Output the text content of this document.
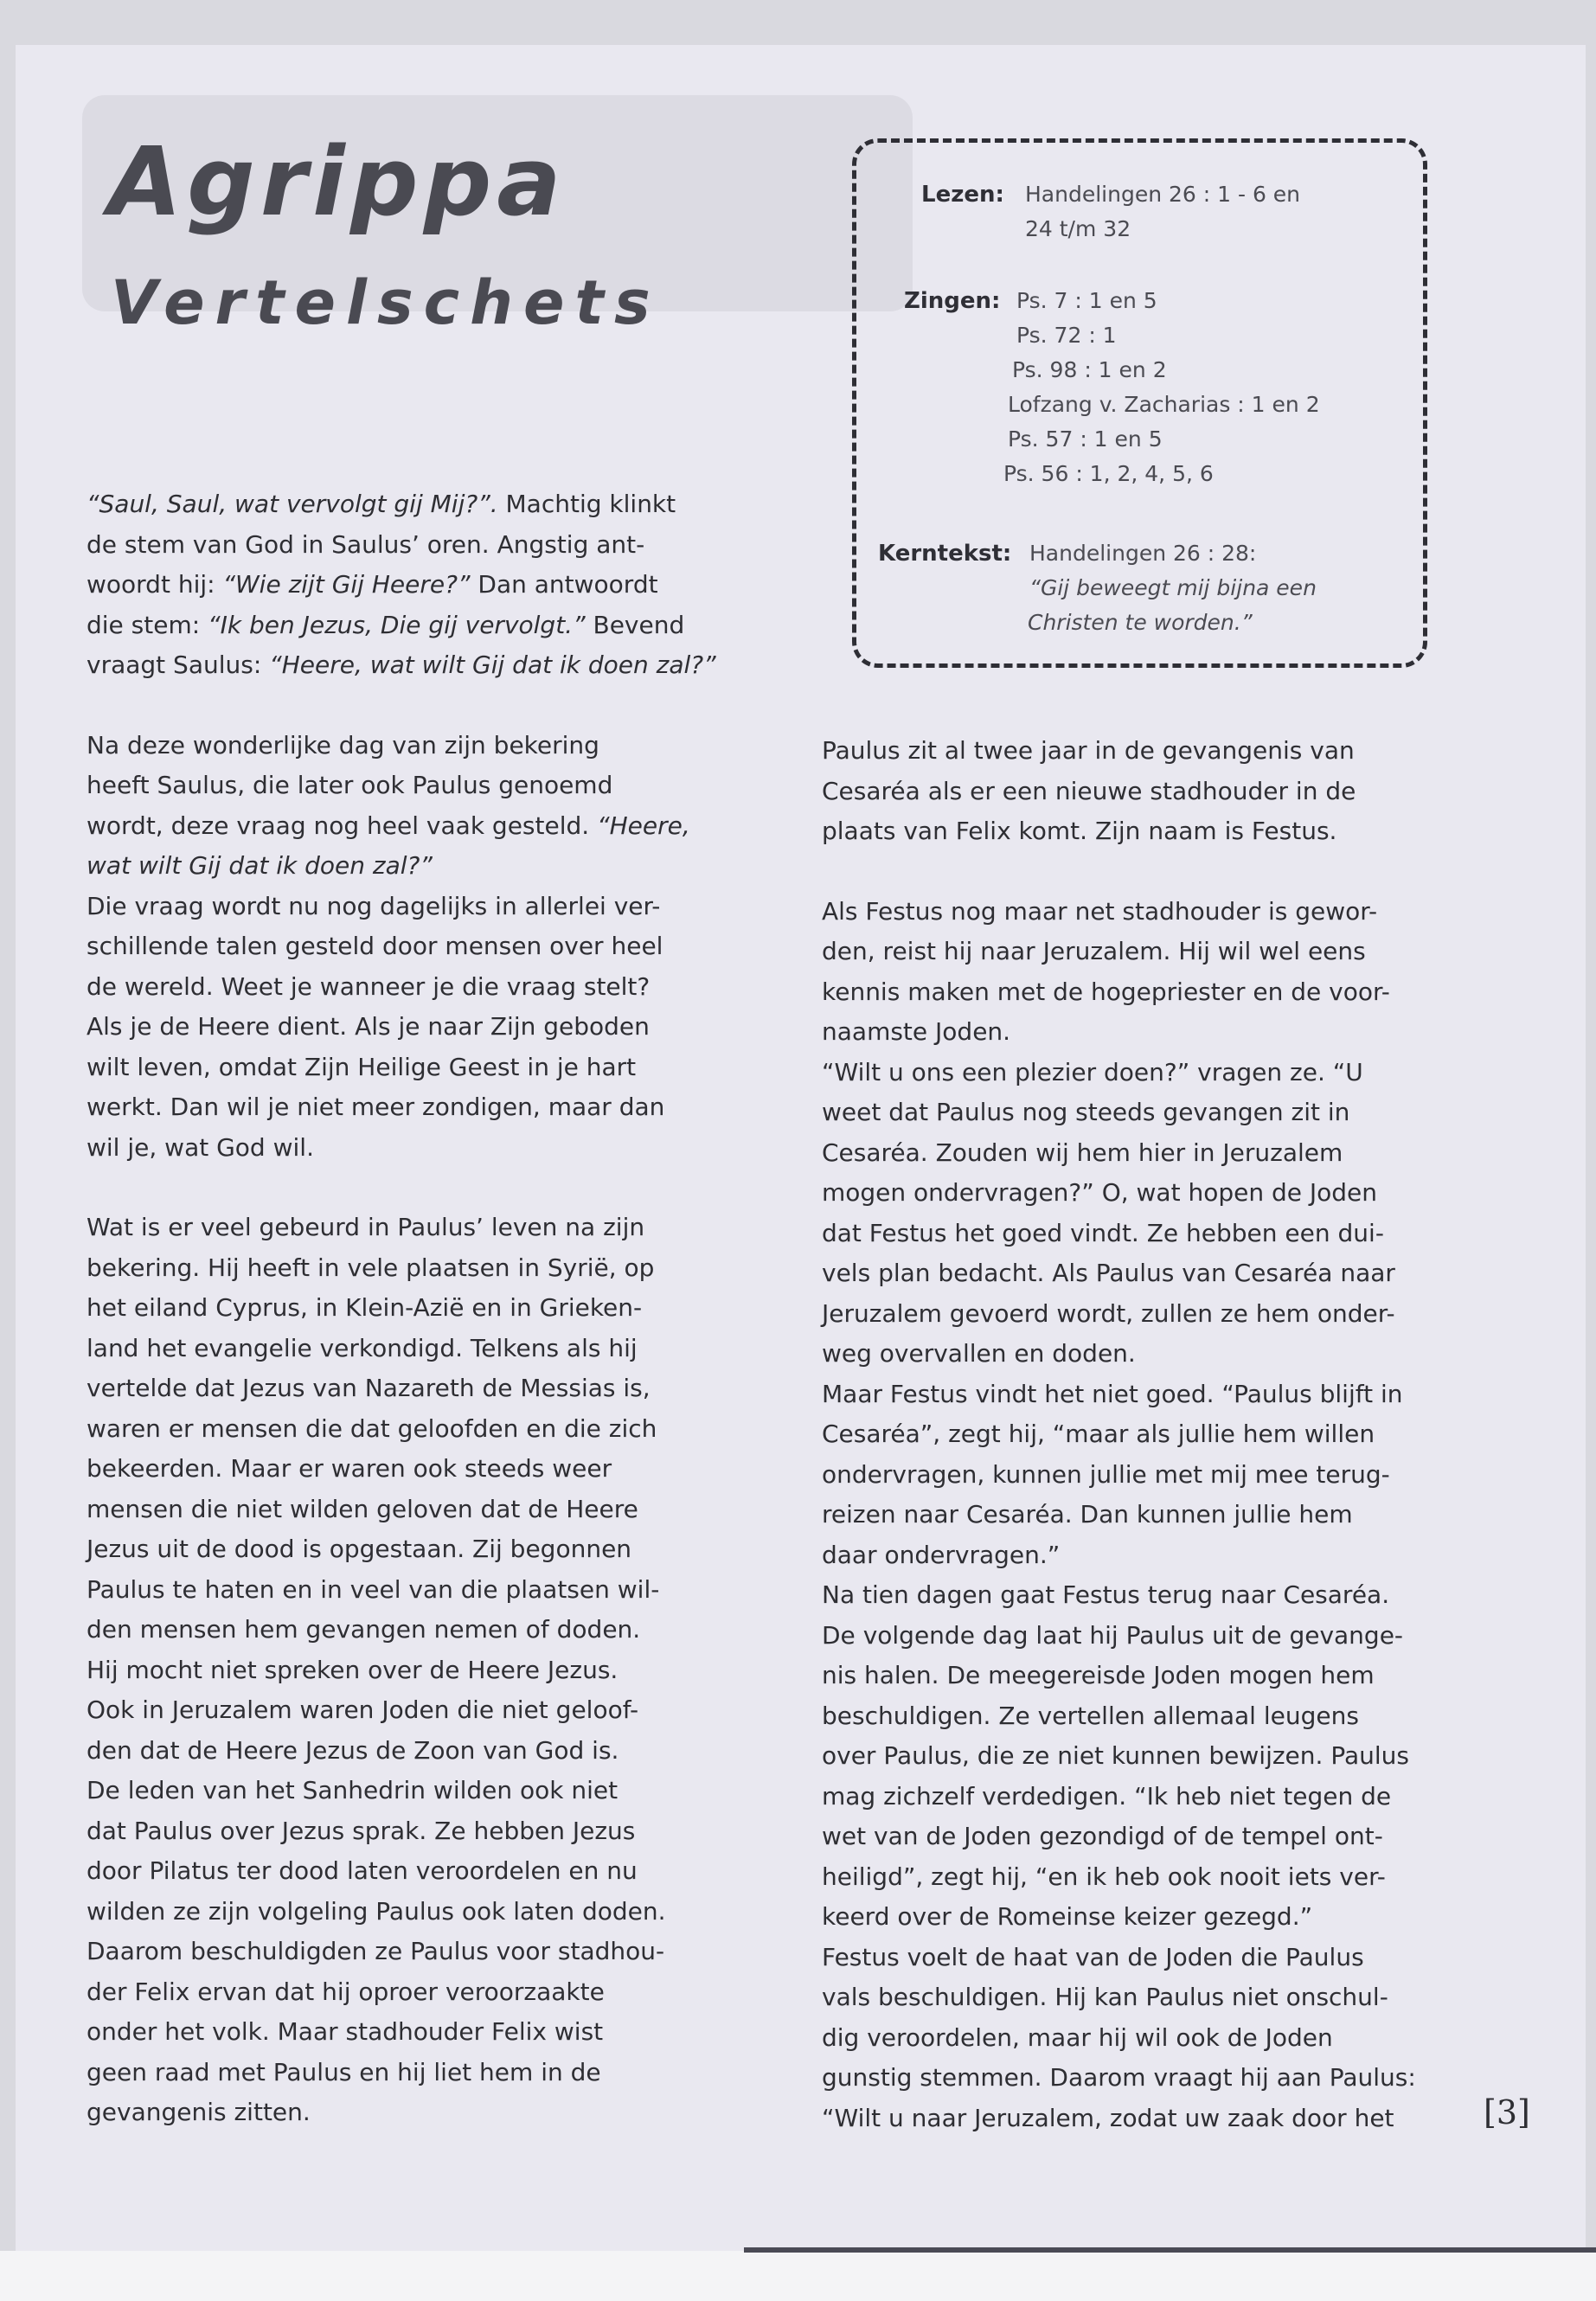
Agrippa
Vertelschets
Lezen: Handelingen 26 : 1 - 6 en
24 t/m 32
Zingen: Ps. 7 : 1 en 5
Ps. 72 : 1
Ps. 98 : 1 en 2
Lofzang v. Zacharias : 1 en 2
Ps. 57 : 1 en 5
Ps. 56 : 1, 2, 4, 5, 6
Kerntekst: Handelingen 26 : 28:
“Gij beweegt mij bijna een
Christen te worden.”

“Saul, Saul, wat vervolgt gij Mij?”. Machtig klinkt
de stem van God in Saulus’ oren. Angstig ant-
woordt hij: “Wie zijt Gij Heere?” Dan antwoordt
die stem: “Ik ben Jezus, Die gij vervolgt.” Bevend
vraagt Saulus: “Heere, wat wilt Gij dat ik doen zal?”

Na deze wonderlijke dag van zijn bekering
heeft Saulus, die later ook Paulus genoemd
wordt, deze vraag nog heel vaak gesteld. “Heere,
wat wilt Gij dat ik doen zal?”
Die vraag wordt nu nog dagelijks in allerlei ver-
schillende talen gesteld door mensen over heel
de wereld. Weet je wanneer je die vraag stelt?
Als je de Heere dient. Als je naar Zijn geboden
wilt leven, omdat Zijn Heilige Geest in je hart
werkt. Dan wil je niet meer zondigen, maar dan
wil je, wat God wil.

Wat is er veel gebeurd in Paulus’ leven na zijn
bekering. Hij heeft in vele plaatsen in Syrië, op
het eiland Cyprus, in Klein-Azië en in Grieken-
land het evangelie verkondigd. Telkens als hij
vertelde dat Jezus van Nazareth de Messias is,
waren er mensen die dat geloofden en die zich
bekeerden. Maar er waren ook steeds weer
mensen die niet wilden geloven dat de Heere
Jezus uit de dood is opgestaan. Zij begonnen
Paulus te haten en in veel van die plaatsen wil-
den mensen hem gevangen nemen of doden.
Hij mocht niet spreken over de Heere Jezus.
Ook in Jeruzalem waren Joden die niet geloof-
den dat de Heere Jezus de Zoon van God is.
De leden van het Sanhedrin wilden ook niet
dat Paulus over Jezus sprak. Ze hebben Jezus
door Pilatus ter dood laten veroordelen en nu
wilden ze zijn volgeling Paulus ook laten doden.
Daarom beschuldigden ze Paulus voor stadhou-
der Felix ervan dat hij oproer veroorzaakte
onder het volk. Maar stadhouder Felix wist
geen raad met Paulus en hij liet hem in de
gevangenis zitten.

Paulus zit al twee jaar in de gevangenis van
Cesaréa als er een nieuwe stadhouder in de
plaats van Felix komt. Zijn naam is Festus.

Als Festus nog maar net stadhouder is gewor-
den, reist hij naar Jeruzalem. Hij wil wel eens
kennis maken met de hogepriester en de voor-
naamste Joden.
“Wilt u ons een plezier doen?” vragen ze. “U
weet dat Paulus nog steeds gevangen zit in
Cesaréa. Zouden wij hem hier in Jeruzalem
mogen ondervragen?” O, wat hopen de Joden
dat Festus het goed vindt. Ze hebben een dui-
vels plan bedacht. Als Paulus van Cesaréa naar
Jeruzalem gevoerd wordt, zullen ze hem onder-
weg overvallen en doden.
Maar Festus vindt het niet goed. “Paulus blijft in
Cesaréa”, zegt hij, “maar als jullie hem willen
ondervragen, kunnen jullie met mij mee terug-
reizen naar Cesaréa. Dan kunnen jullie hem
daar ondervragen.”
Na tien dagen gaat Festus terug naar Cesaréa.
De volgende dag laat hij Paulus uit de gevange-
nis halen. De meegereisde Joden mogen hem
beschuldigen. Ze vertellen allemaal leugens
over Paulus, die ze niet kunnen bewijzen. Paulus
mag zichzelf verdedigen. “Ik heb niet tegen de
wet van de Joden gezondigd of de tempel ont-
heiligd”, zegt hij, “en ik heb ook nooit iets ver-
keerd over de Romeinse keizer gezegd.”
Festus voelt de haat van de Joden die Paulus
vals beschuldigen. Hij kan Paulus niet onschul-
dig veroordelen, maar hij wil ook de Joden
gunstig stemmen. Daarom vraagt hij aan Paulus:
“Wilt u naar Jeruzalem, zodat uw zaak door het	[3]
